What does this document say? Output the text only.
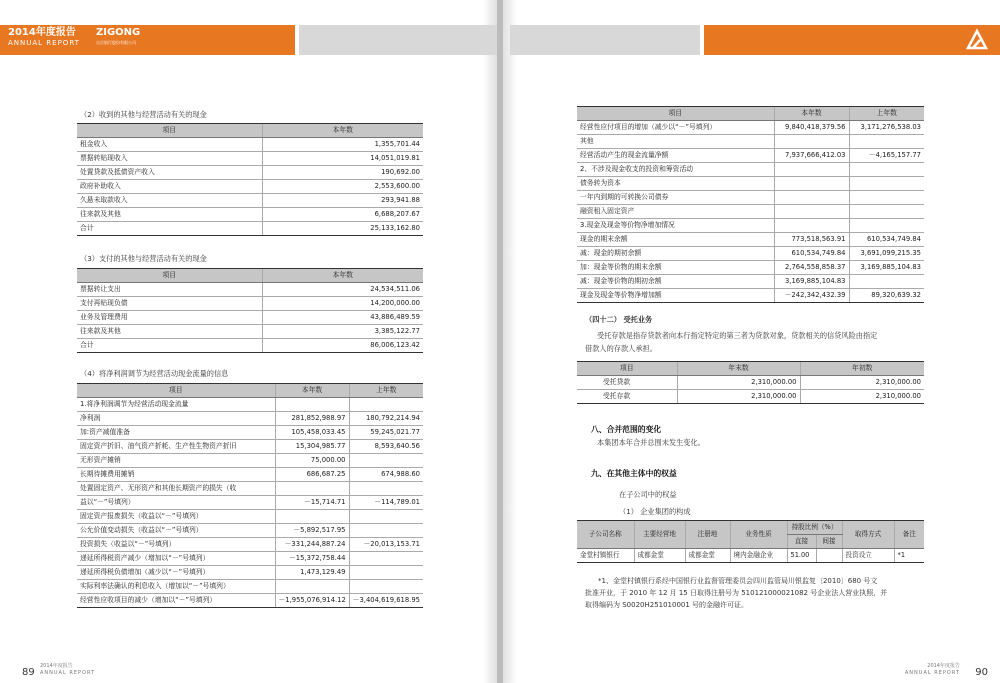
2014年度报告
ANNUAL REPORT
ZIGONG
自贡银行股份有限公司
（2）收到的其他与经营活动有关的现金
项目	本年数
租金收入	1,355,701.44
票据转贴现收入	14,051,019.81
处置贷款及抵债资产收入	190,692.00
政府补助收入	2,553,600.00
久悬未取款收入	293,941.88
往来款及其他	6,688,207.67
合计	25,133,162.80
（3）支付的其他与经营活动有关的现金
项目	本年数
票据转让支出	24,534,511.06
支付再贴现负债	14,200,000.00
业务及管理费用	43,886,489.59
往来款及其他	3,385,122.77
合计	86,006,123.42
（4）将净利润调节为经营活动现金流量的信息
项目	本年数	上年数
1.将净利润调节为经营活动现金流量		
净利润	281,852,988.97	180,792,214.94
加:资产减值准备	105,458,033.45	59,245,021.77
固定资产折旧、油气资产折耗、生产性生物资产折旧	15,304,985.77	8,593,640.56
无形资产摊销	75,000.00	
长期待摊费用摊销	686,687.25	674,988.60
处置固定资产、无形资产和其他长期资产的损失（收		
益以“－”号填列）	－15,714.71	－114,789.01
固定资产报废损失（收益以“－”号填列）		
公允价值变动损失（收益以“－”号填列）	－5,892,517.95	
投资损失（收益以“－”号填列）	－331,244,887.24	－20,013,153.71
递延所得税资产减少（增加以“－”号填列）	－15,372,758.44	
递延所得税负债增加（减少以“－”号填列）	1,473,129.49	
实际利率法确认的利息收入（增加以“－”号填列）		
经营性应收项目的减少（增加以“－”号填列）	－1,955,076,914.12	－3,404,619,618.95
89
2014年度报告
ANNUAL REPORT
项目	本年数	上年数
经营性应付项目的增加（减少以“－”号填列）	9,840,418,379.56	3,171,276,538.03
其他		
经营活动产生的现金流量净额	7,937,666,412.03	－4,165,157.77
2、不涉及现金收支的投资和筹资活动		
债务转为资本		
一年内到期的可转换公司债券		
融资租入固定资产		
3.现金及现金等价物净增加情况		
现金的期末余额	773,518,563.91	610,534,749.84
减：现金的期初余额	610,534,749.84	3,691,099,215.35
加：现金等价物的期末余额	2,764,558,858.37	3,169,885,104.83
减：现金等价物的期初余额	3,169,885,104.83	
现金及现金等价物净增加额	－242,342,432.39	89,320,639.32
（四十二） 受托业务
受托存款是指存贷款者向本行指定特定的第三者为贷款对象，贷款相关的信贷风险由指定
借款人的存款人承担。
项目	年末数	年初数
受托贷款	2,310,000.00	2,310,000.00
受托存款	2,310,000.00	2,310,000.00
八、合并范围的变化
本集团本年合并总围未发生变化。
九、在其他主体中的权益
在子公司中的权益
（1） 企业集团的构成
子公司名称	主要经营地	注册地	业务性质	持股比例（%）		取得方式	备注
				直接	间接		
金堂村镇银行	成都金堂	成都金堂	境内金融企业	51.00		投资设立	*1
*1、金堂村镇银行系经中国银行业监督管理委员会四川监管局川银监复〔2010〕680 号文
批准开业，于 2010 年 12 月 15 日取得注册号为 510121000021082 号企业法人营业执照，并
取得编码为 S0020H251010001 号的金融许可证。
2014年度报告
ANNUAL REPORT 90
